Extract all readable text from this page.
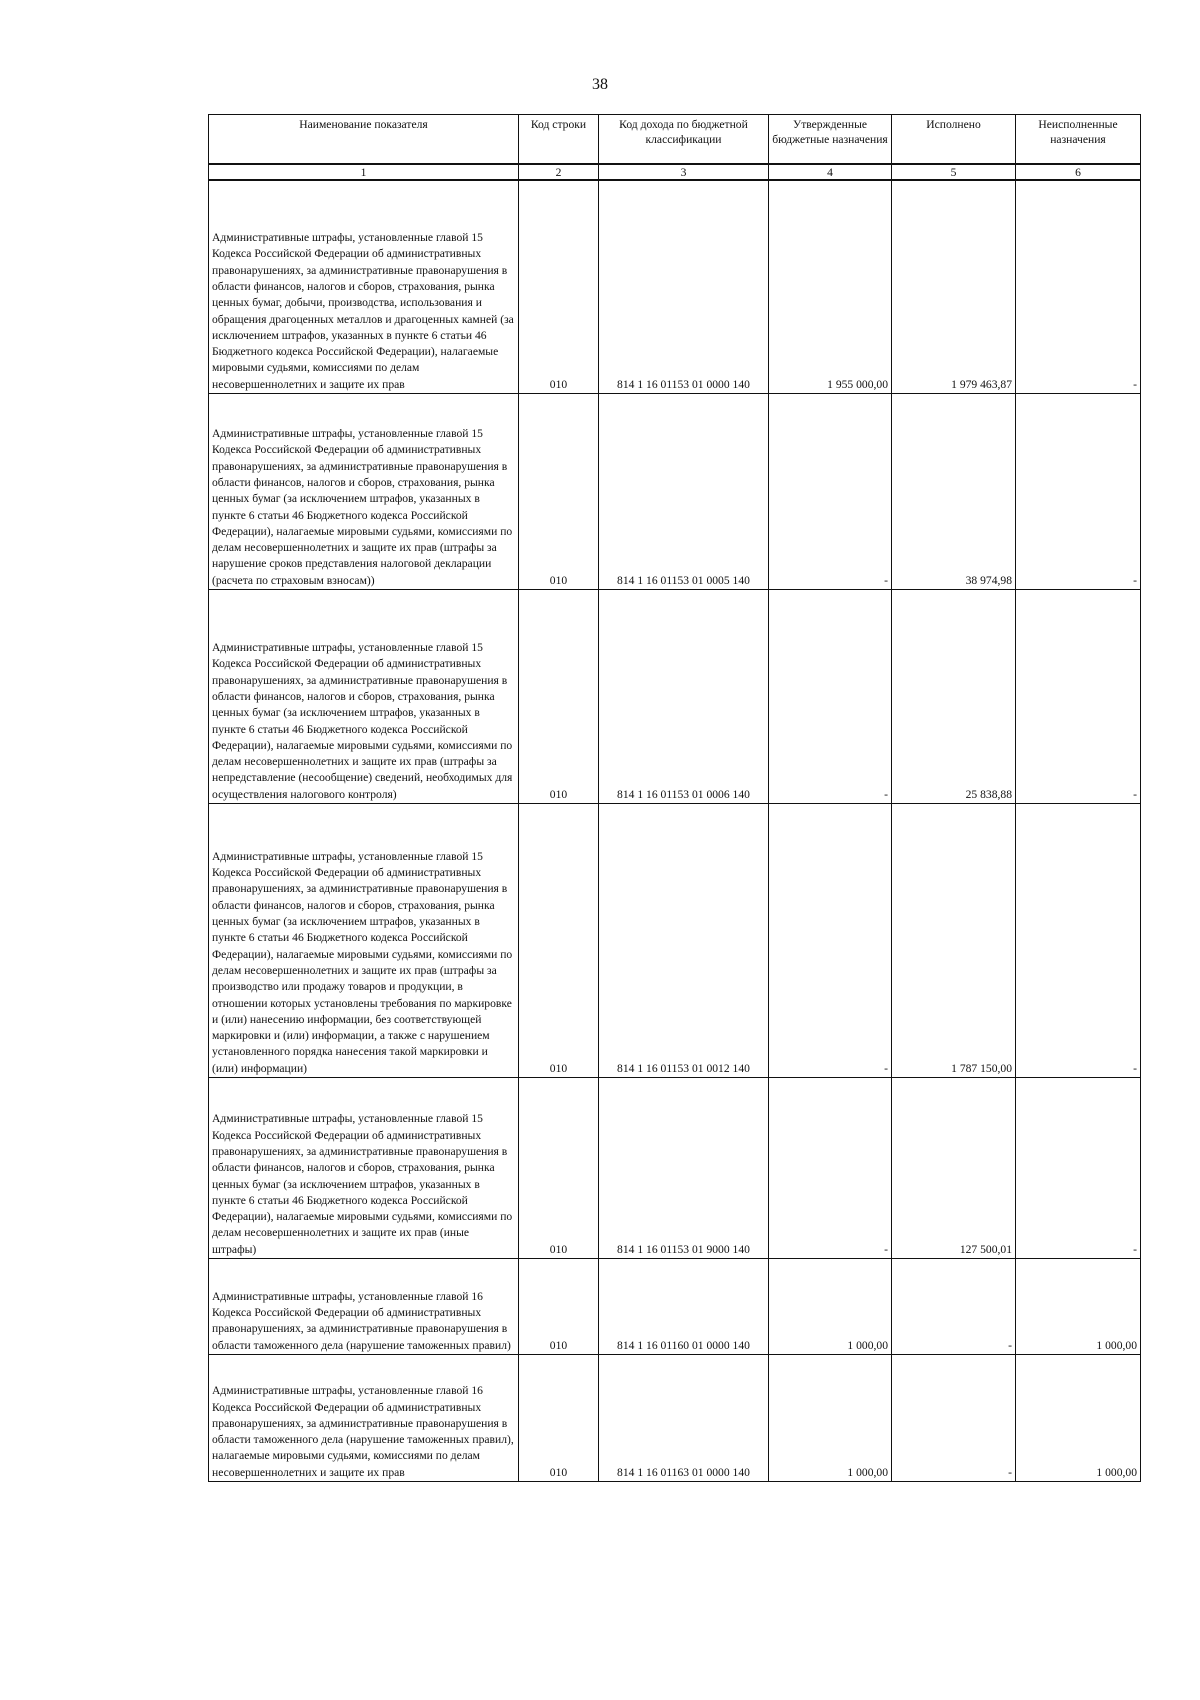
38
Наименование показателя	Код строки	Код дохода по бюджетной классификации	Утвержденные бюджетные назначения	Исполнено	Неисполненные назначения
1	2	3	4	5	6
Административные штрафы, установленные главой 15 Кодекса Российской Федерации об административных правонарушениях, за административные правонарушения в области финансов, налогов и сборов, страхования, рынка ценных бумаг, добычи, производства, использования и обращения драгоценных металлов и драгоценных камней (за исключением штрафов, указанных в пункте 6 статьи 46 Бюджетного кодекса Российской Федерации), налагаемые мировыми судьями, комиссиями по делам несовершеннолетних и защите их прав	010	814 1 16 01153 01 0000 140	1 955 000,00	1 979 463,87	-
Административные штрафы, установленные главой 15 Кодекса Российской Федерации об административных правонарушениях, за административные правонарушения в области финансов, налогов и сборов, страхования, рынка ценных бумаг (за исключением штрафов, указанных в пункте 6 статьи 46 Бюджетного кодекса Российской Федерации), налагаемые мировыми судьями, комиссиями по делам несовершеннолетних и защите их прав (штрафы за нарушение сроков представления налоговой декларации (расчета по страховым взносам))	010	814 1 16 01153 01 0005 140	-	38 974,98	-
Административные штрафы, установленные главой 15 Кодекса Российской Федерации об административных правонарушениях, за административные правонарушения в области финансов, налогов и сборов, страхования, рынка ценных бумаг (за исключением штрафов, указанных в пункте 6 статьи 46 Бюджетного кодекса Российской Федерации), налагаемые мировыми судьями, комиссиями по делам несовершеннолетних и защите их прав (штрафы за непредставление (несообщение) сведений, необходимых для осуществления налогового контроля)	010	814 1 16 01153 01 0006 140	-	25 838,88	-
Административные штрафы, установленные главой 15 Кодекса Российской Федерации об административных правонарушениях, за административные правонарушения в области финансов, налогов и сборов, страхования, рынка ценных бумаг (за исключением штрафов, указанных в пункте 6 статьи 46 Бюджетного кодекса Российской Федерации), налагаемые мировыми судьями, комиссиями по делам несовершеннолетних и защите их прав (штрафы за производство или продажу товаров и продукции, в отношении которых установлены требования по маркировке и (или) нанесению информации, без соответствующей маркировки и (или) информации, а также с нарушением установленного порядка нанесения такой маркировки и (или) информации)	010	814 1 16 01153 01 0012 140	-	1 787 150,00	-
Административные штрафы, установленные главой 15 Кодекса Российской Федерации об административных правонарушениях, за административные правонарушения в области финансов, налогов и сборов, страхования, рынка ценных бумаг (за исключением штрафов, указанных в пункте 6 статьи 46 Бюджетного кодекса Российской Федерации), налагаемые мировыми судьями, комиссиями по делам несовершеннолетних и защите их прав (иные штрафы)	010	814 1 16 01153 01 9000 140	-	127 500,01	-
Административные штрафы, установленные главой 16 Кодекса Российской Федерации об административных правонарушениях, за административные правонарушения в области таможенного дела (нарушение таможенных правил)	010	814 1 16 01160 01 0000 140	1 000,00	-	1 000,00
Административные штрафы, установленные главой 16 Кодекса Российской Федерации об административных правонарушениях, за административные правонарушения в области таможенного дела (нарушение таможенных правил), налагаемые мировыми судьями, комиссиями по делам несовершеннолетних и защите их прав	010	814 1 16 01163 01 0000 140	1 000,00	-	1 000,00
